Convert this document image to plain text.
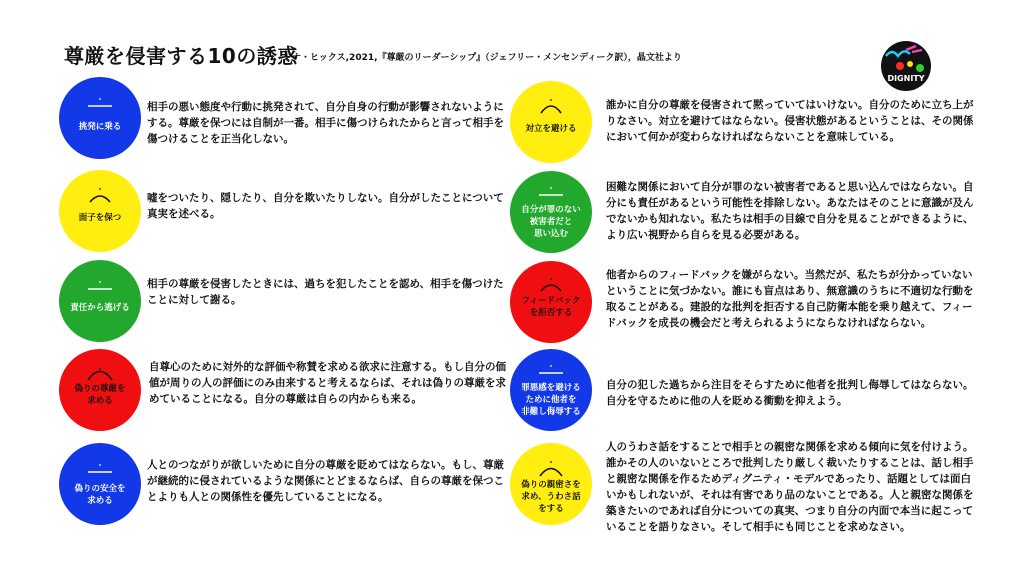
尊厳を侵害する10の誘惑
ドナ・ヒックス,2021,『尊厳のリーダーシップ』（ジェフリー・メンセンディーク訳），晶文社より
DIGNITY
挑発に乗る
相手の悪い態度や行動に挑発されて、自分自身の行動が影響されないようにする。尊厳を保つには自制が一番。相手に傷つけられたからと言って相手を傷つけることを正当化しない。
面子を保つ
嘘をついたり、隠したり、自分を欺いたりしない。自分がしたことについて真実を述べる。
責任から逃げる
相手の尊厳を侵害したときには、過ちを犯したことを認め、相手を傷つけたことに対して謝る。
偽りの尊厳を
求める
自尊心のために対外的な評価や称賛を求める欲求に注意する。もし自分の価値が周りの人の評価にのみ由来すると考えるならば、それは偽りの尊厳を求めていることになる。自分の尊厳は自らの内からも来る。
偽りの安全を
求める
人とのつながりが欲しいために自分の尊厳を貶めてはならない。もし、尊厳が継続的に侵されているような関係にとどまるならば、自らの尊厳を保つことよりも人との関係性を優先していることになる。
対立を避ける
誰かに自分の尊厳を侵害されて黙っていてはいけない。自分のために立ち上がりなさい。対立を避けてはならない。侵害状態があるということは、その関係において何かが変わらなければならないことを意味している。
自分が罪のない
被害者だと
思い込む
困難な関係において自分が罪のない被害者であると思い込んではならない。自分にも責任があるという可能性を排除しない。あなたはそのことに意識が及んでないかも知れない。私たちは相手の目線で自分を見ることができるように、より広い視野から自らを見る必要がある。
フィードバック
を拒否する
他者からのフィードバックを嫌がらない。当然だが、私たちが分かっていないということに気づかない。誰にも盲点はあり、無意識のうちに不適切な行動を取ることがある。建設的な批判を拒否する自己防衛本能を乗り越えて、フィードバックを成長の機会だと考えられるようにならなければならない。
罪悪感を避ける
ために他者を
非難し侮辱する
自分の犯した過ちから注目をそらすために他者を批判し侮辱してはならない。自分を守るために他の人を貶める衝動を抑えよう。
偽りの親密さを
求め、うわさ話
をする
人のうわさ話をすることで相手との親密な関係を求める傾向に気を付けよう。誰かその人のいないところで批判したり厳しく裁いたりすることは、話し相手と親密な関係を作るためディグニティ・モデルであったり、話題としては面白いかもしれないが、それは有害であり品のないことである。人と親密な関係を築きたいのであれば自分についての真実、つまり自分の内面で本当に起こっていることを語りなさい。そして相手にも同じことを求めなさい。
